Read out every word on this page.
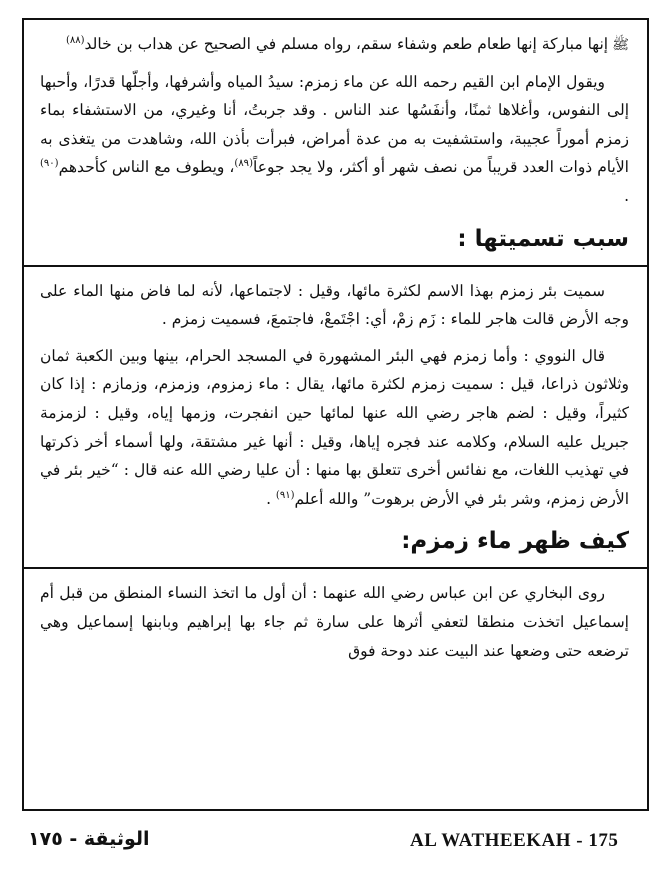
ﷺإنها مباركة إنها طعام طعم وشفاء سقم، رواه مسلم في الصحيح عن هداب بن خالد$^{(٨٨)}$

ويقول الإمام ابن القيم رحمه الله عن ماء زمزم: سيدُ المياه وأشرفها، وأجلّها قدرًا، وأحبها إلى النفوس، وأغلاها ثمنًا، وأنفَسُها عند الناس . وقد جربتُ، أنا وغيري، من الاستشفاء بماء زمزم أموراً عجيبة، واستشفيت به من عدة أمراض، فبرأت بأذن الله، وشاهدت من يتغذى به الأيام ذوات العدد قريباً من نصف شهر أو أكثر، ولا يجد جوعاً$^{(٨٩)}$، ويطوف مع الناس كأحدهم$^{(٩٠)}$ .

سبب تسميتها :

سميت بئر زمزم بهذا الاسم لكثرة مائها، وقيل : لاجتماعها، لأنه لما فاض منها الماء على وجه الأرض قالت هاجر للماء : زَم زمْ، أي: اجْتَمعْ، فاجتمعَ، فسميت زمزم .

قال النووي : وأما زمزم فهي البئر المشهورة في المسجد الحرام، بينها وبين الكعبة ثمان وثلاثون ذراعا، قيل : سميت زمزم لكثرة مائها، يقال : ماء زمزوم، وزمزم، وزمازم : إذا كان كثيراً، وقيل : لضم هاجر رضي الله عنها لمائها حين انفجرت، وزمها إياه، وقيل : لزمزمة جبريل عليه السلام، وكلامه عند فجره إياها، وقيل : أنها غير مشتقة، ولها أسماء أخر ذكرتها في تهذيب اللغات، مع نفائس أخرى تتعلق بها منها : أن عليا رضي الله عنه قال : “خير بئر في الأرض زمزم، وشر بئر في الأرض برهوت” والله أعلم$^{(٩١)}$ .

كيف ظهر ماء زمزم:

روى البخاري عن ابن عباس رضي الله عنهما : أن أول ما اتخذ النساء المنطق من قبل أم إسماعيل اتخذت منطقا لتعفي أثرها على سارة ثم جاء بها إبراهيم وبابنها إسماعيل وهي ترضعه حتى وضعها عند البيت عند دوحة فوق

الوثيقة - ١٧٥	AL WATHEEKAH - 175
